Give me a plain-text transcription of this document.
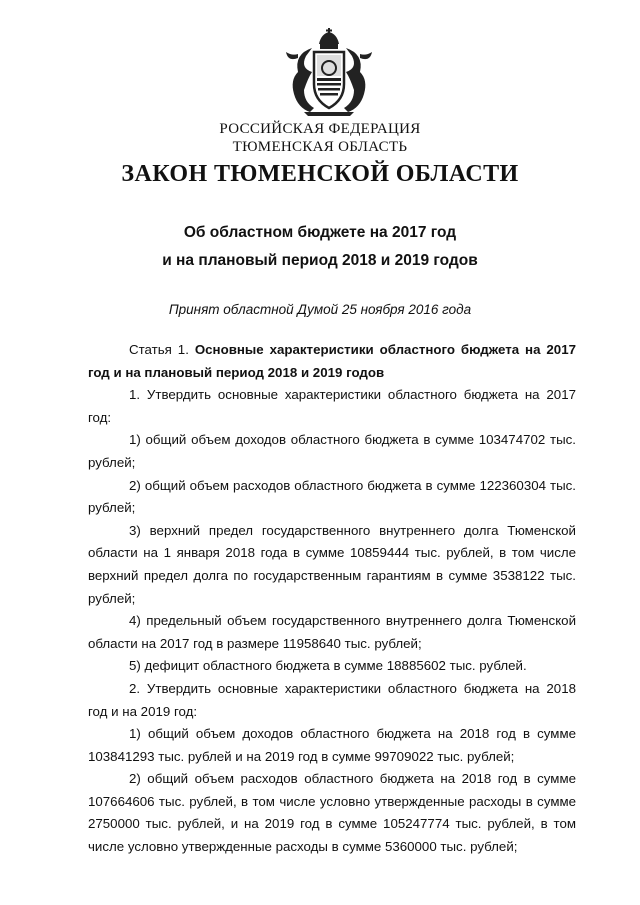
РОССИЙСКАЯ ФЕДЕРАЦИЯ
ТЮМЕНСКАЯ ОБЛАСТЬ
ЗАКОН ТЮМЕНСКОЙ ОБЛАСТИ
Об областном бюджете на 2017 год
и на плановый период 2018 и 2019 годов
Принят областной Думой 25 ноября 2016 года

Статья 1. Основные характеристики областного бюджета на 2017 год и на плановый период 2018 и 2019 годов

1. Утвердить основные характеристики областного бюджета на 2017 год:

1) общий объем доходов областного бюджета в сумме 103474702 тыс. рублей;

2) общий объем расходов областного бюджета в сумме 122360304 тыс. рублей;

3) верхний предел государственного внутреннего долга Тюменской области на 1 января 2018 года в сумме 10859444 тыс. рублей, в том числе верхний предел долга по государственным гарантиям в сумме 3538122 тыс. рублей;

4) предельный объем государственного внутреннего долга Тюменской области на 2017 год в размере 11958640 тыс. рублей;

5) дефицит областного бюджета в сумме 18885602 тыс. рублей.

2. Утвердить основные характеристики областного бюджета на 2018 год и на 2019 год:

1) общий объем доходов областного бюджета на 2018 год в сумме 103841293 тыс. рублей и на 2019 год в сумме 99709022 тыс. рублей;

2) общий объем расходов областного бюджета на 2018 год в сумме 107664606 тыс. рублей, в том числе условно утвержденные расходы в сумме 2750000 тыс. рублей, и на 2019 год в сумме 105247774 тыс. рублей, в том числе условно утвержденные расходы в сумме 5360000 тыс. рублей;
